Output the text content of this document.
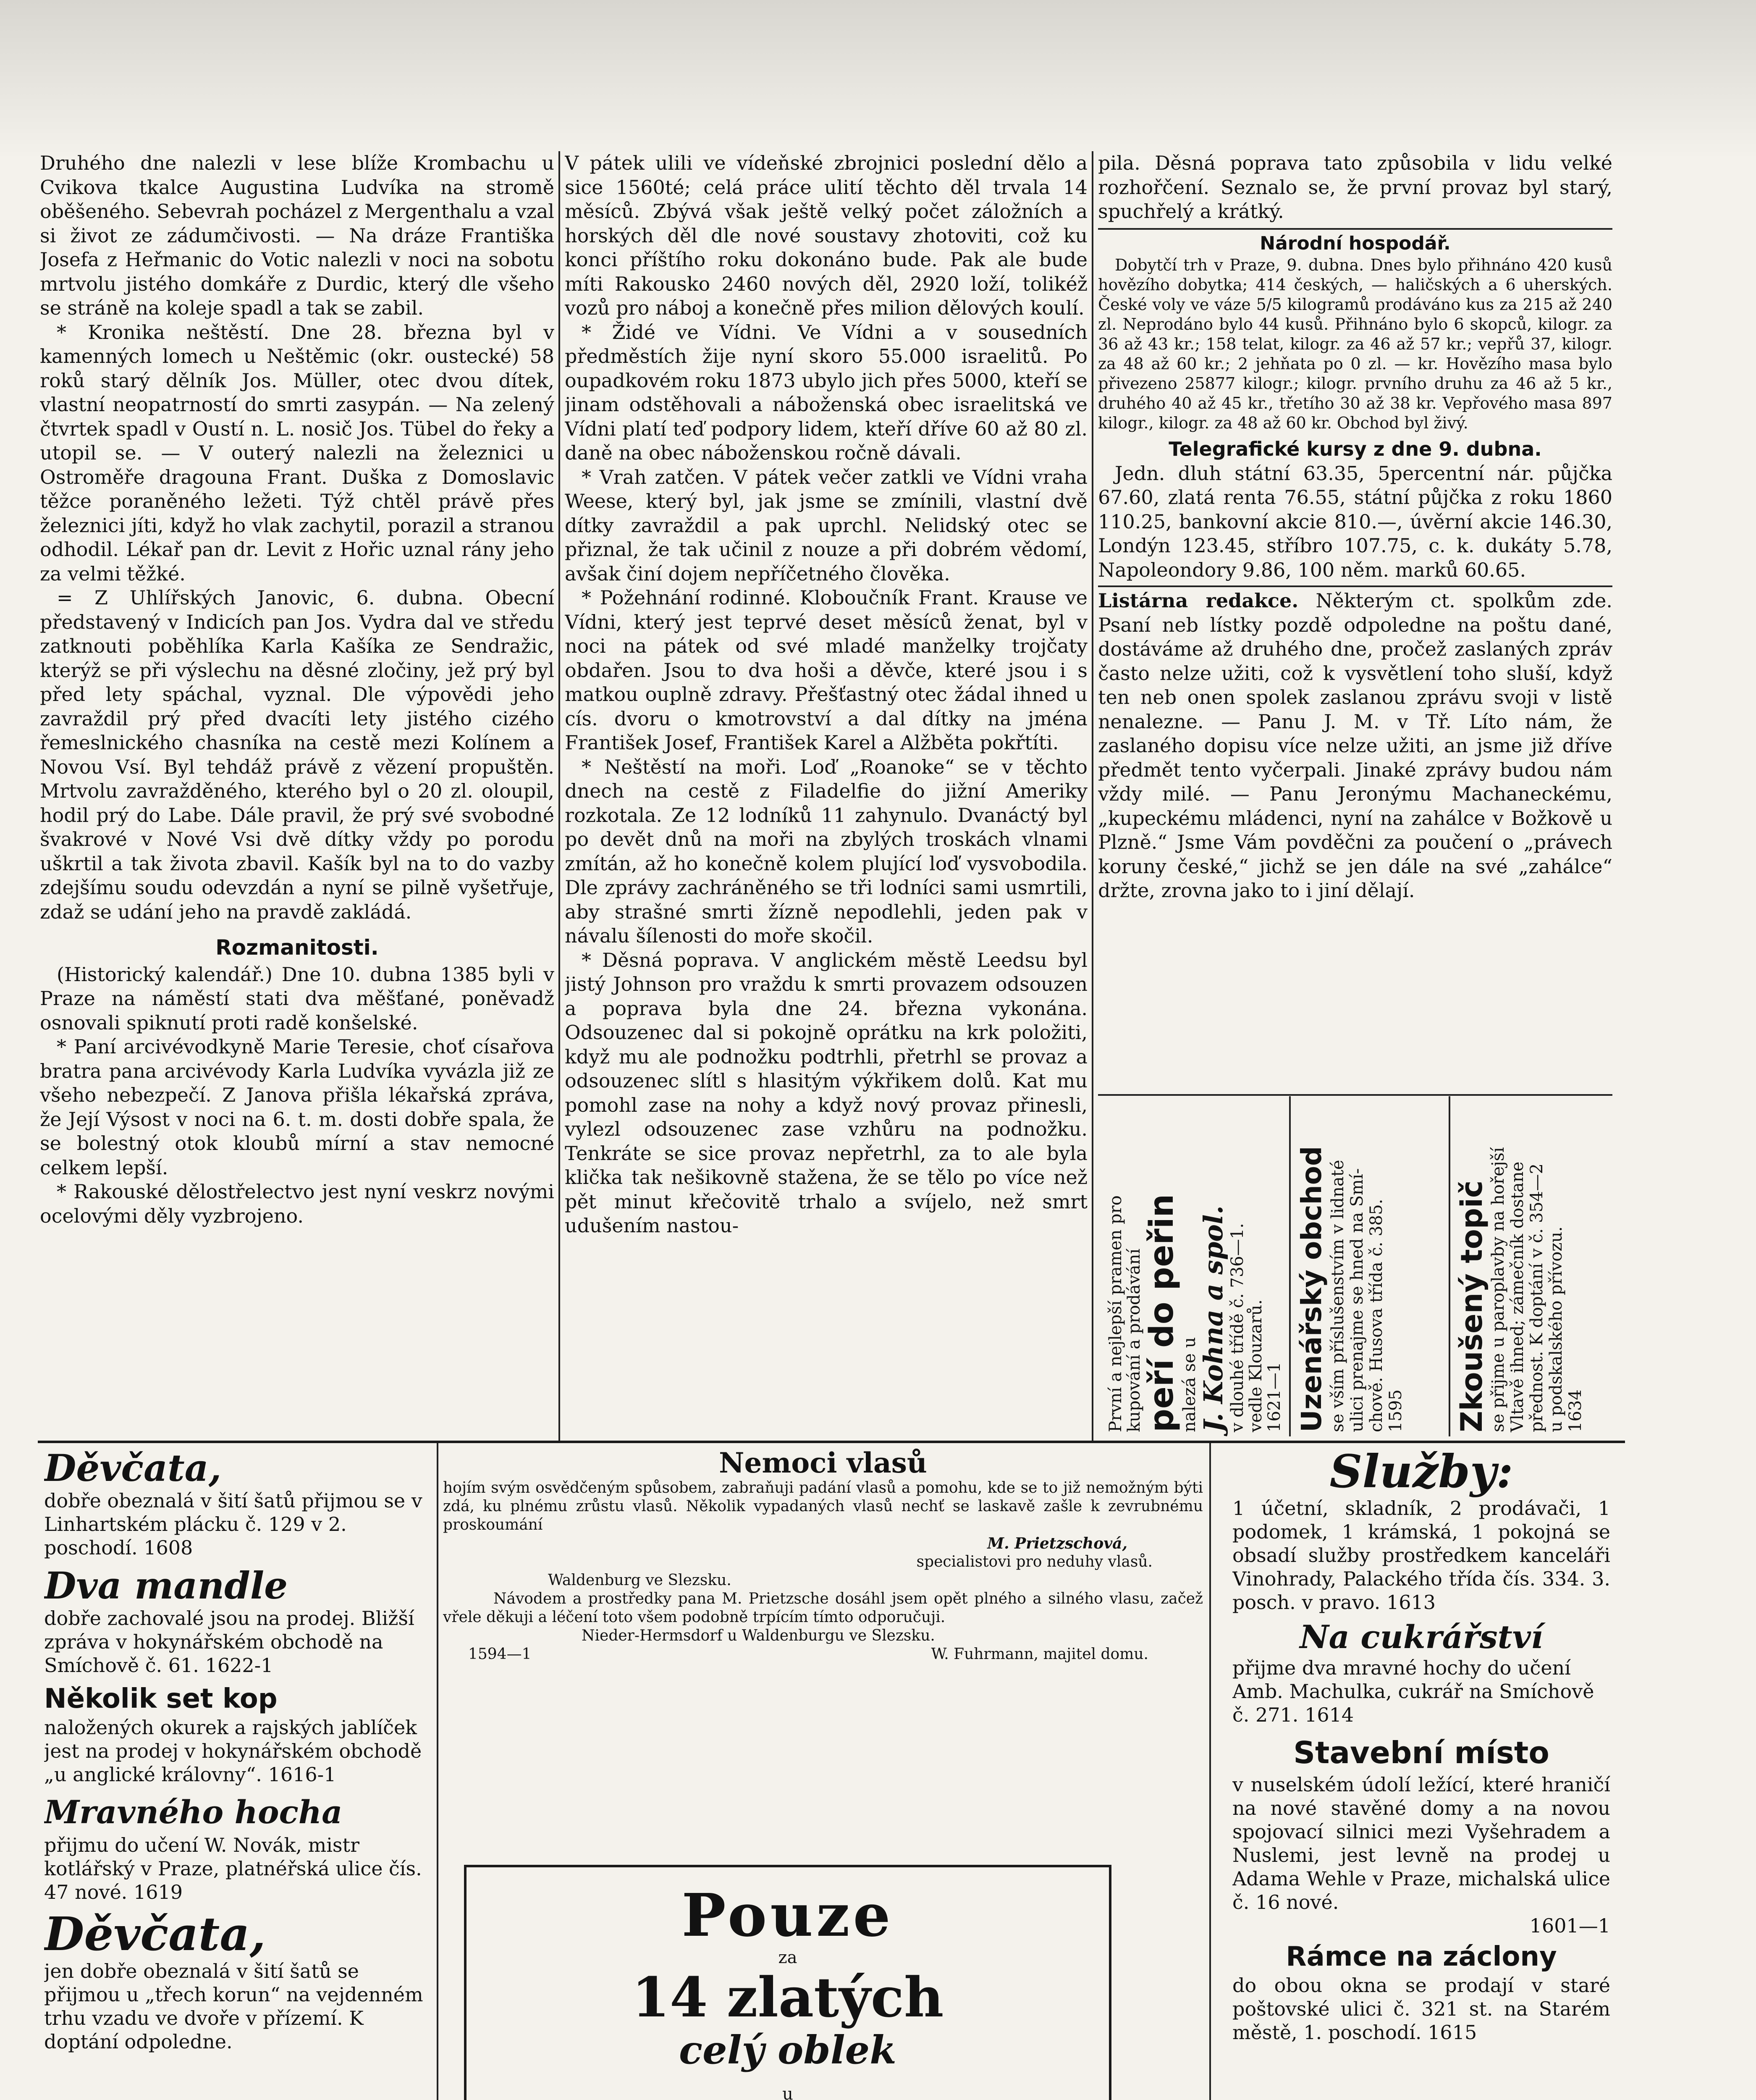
Druhého dne nalezli v lese blíže Krombachu u Cvikova tkalce Augustina Ludvíka na stromě oběšeného. Sebevrah pocházel z Mergenthalu a vzal si život ze zádumčivosti. — Na dráze Františka Josefa z Heřmanic do Votic nalezli v noci na sobotu mrtvolu jistého domkáře z Durdic, který dle všeho se stráně na koleje spadl a tak se zabil.

* Kronika neštěstí. Dne 28. března byl v kamenných lomech u Neštěmic (okr. oustecké) 58 roků starý dělník Jos. Müller, otec dvou dítek, vlastní neopatrností do smrti zasypán. — Na zelený čtvrtek spadl v Oustí n. L. nosič Jos. Tübel do řeky a utopil se. — V outerý nalezli na železnici u Ostroměře dragouna Frant. Duška z Domoslavic těžce poraněného ležeti. Týž chtěl právě přes železnici jíti, když ho vlak zachytil, porazil a stranou odhodil. Lékař pan dr. Levit z Hořic uznal rány jeho za velmi těžké.

= Z Uhlířských Janovic, 6. dubna. Obecní představený v Indicích pan Jos. Vydra dal ve středu zatknouti poběhlíka Karla Kašíka ze Sendražic, kterýž se při výslechu na děsné zločiny, jež prý byl před lety spáchal, vyznal. Dle výpovědi jeho zavraždil prý před dvacíti lety jistého cizého řemeslnického chasníka na cestě mezi Kolínem a Novou Vsí. Byl tehdáž právě z vězení propuštěn. Mrtvolu zavražděného, kterého byl o 20 zl. oloupil, hodil prý do Labe. Dále pravil, že prý své svobodné švakrové v Nové Vsi dvě dítky vždy po porodu uškrtil a tak života zbavil. Kašík byl na to do vazby zdejšímu soudu odevzdán a nyní se pilně vyšetřuje, zdaž se udání jeho na pravdě zakládá.

Rozmanitosti.

(Historický kalendář.) Dne 10. dubna 1385 byli v Praze na náměstí stati dva měšťané, poněvadž osnovali spiknutí proti radě konšelské.

* Paní arcivévodkyně Marie Teresie, choť císařova bratra pana arcivévody Karla Ludvíka vyvázla již ze všeho nebezpečí. Z Janova přišla lékařská zpráva, že Její Výsost v noci na 6. t. m. dosti dobře spala, že se bolestný otok kloubů mírní a stav nemocné celkem lepší.

* Rakouské dělostřelectvo jest nyní veskrz novými ocelovými děly vyzbrojeno.

V pátek ulili ve vídeňské zbrojnici poslední dělo a sice 1560té; celá práce ulití těchto děl trvala 14 měsíců. Zbývá však ještě velký počet záložních a horských děl dle nové soustavy zhotoviti, což ku konci příštího roku dokonáno bude. Pak ale bude míti Rakousko 2460 nových děl, 2920 loží, tolikéž vozů pro náboj a konečně přes milion dělových koulí.

* Židé ve Vídni. Ve Vídni a v sousedních předměstích žije nyní skoro 55.000 israelitů. Po oupadkovém roku 1873 ubylo jich přes 5000, kteří se jinam odstěhovali a náboženská obec israelitská ve Vídni platí teď podpory lidem, kteří dříve 60 až 80 zl. daně na obec náboženskou ročně dávali.

* Vrah zatčen. V pátek večer zatkli ve Vídni vraha Weese, který byl, jak jsme se zmínili, vlastní dvě dítky zavraždil a pak uprchl. Nelidský otec se přiznal, že tak učinil z nouze a při dobrém vědomí, avšak činí dojem nepříčetného člověka.

* Požehnání rodinné. Kloboučník Frant. Krause ve Vídni, který jest teprvé deset měsíců ženat, byl v noci na pátek od své mladé manželky trojčaty obdařen. Jsou to dva hoši a děvče, které jsou i s matkou ouplně zdravy. Přešťastný otec žádal ihned u cís. dvoru o kmotrovství a dal dítky na jména František Josef, František Karel a Alžběta pokřtíti.

* Neštěstí na moři. Loď „Roanoke“ se v těchto dnech na cestě z Filadelfie do jižní Ameriky rozkotala. Ze 12 lodníků 11 zahynulo. Dvanáctý byl po devět dnů na moři na zbylých troskách vlnami zmítán, až ho konečně kolem plující loď vysvobodila. Dle zprávy zachráněného se tři lodníci sami usmrtili, aby strašné smrti žízně nepodlehli, jeden pak v návalu šílenosti do moře skočil.

* Děsná poprava. V anglickém městě Leedsu byl jistý Johnson pro vraždu k smrti provazem odsouzen a poprava byla dne 24. března vykonána. Odsouzenec dal si pokojně oprátku na krk položiti, když mu ale podnožku podtrhli, přetrhl se provaz a odsouzenec slítl s hlasitým výkřikem dolů. Kat mu pomohl zase na nohy a když nový provaz přinesli, vylezl odsouzenec zase vzhůru na podnožku. Tenkráte se sice provaz nepřetrhl, za to ale byla klička tak nešikovně stažena, že se tělo po více než pět minut křečovitě trhalo a svíjelo, než smrt udušením nastou-

pila. Děsná poprava tato způsobila v lidu velké rozhořčení. Seznalo se, že první provaz byl starý, spuchřelý a krátký.

Národní hospodář.

Dobytčí trh v Praze, 9. dubna. Dnes bylo přihnáno 420 kusů hovězího dobytka; 414 českých, — haličských a 6 uherských. České voly ve váze 5/5 kilogramů prodáváno kus za 215 až 240 zl. Neprodáno bylo 44 kusů. Přihnáno bylo 6 skopců, kilogr. za 36 až 43 kr.; 158 telat, kilogr. za 46 až 57 kr.; vepřů 37, kilogr. za 48 až 60 kr.; 2 jehňata po 0 zl. — kr. Hovězího masa bylo přivezeno 25877 kilogr.; kilogr. prvního druhu za 46 až 5 kr., druhého 40 až 45 kr., třetího 30 až 38 kr. Vepřového masa 897 kilogr., kilogr. za 48 až 60 kr. Obchod byl živý.

Telegrafické kursy z dne 9. dubna.

Jedn. dluh státní 63.35, 5percentní nár. půjčka 67.60, zlatá renta 76.55, státní půjčka z roku 1860 110.25, bankovní akcie 810.—, úvěrní akcie 146.30, Londýn 123.45, stříbro 107.75, c. k. dukáty 5.78, Napoleondory 9.86, 100 něm. marků 60.65.

Listárna redakce. Některým ct. spolkům zde. Psaní neb lístky pozdě odpoledne na poštu dané, dostáváme až druhého dne, pročež zaslaných zpráv často nelze užiti, což k vysvětlení toho sluší, když ten neb onen spolek zaslanou zprávu svoji v listě nenalezne. — Panu J. M. v Tř. Líto nám, že zaslaného dopisu více nelze užiti, an jsme již dříve předmět tento vyčerpali. Jinaké zprávy budou nám vždy milé. — Panu Jeronýmu Machaneckému, „kupeckému mládenci, nyní na zahálce v Božkově u Plzně.“ Jsme Vám povděčni za poučení o „právech koruny české,“ jichž se jen dále na své „zahálce“ držte, zrovna jako to i jiní dělají.

První a nejlepší pramen pro
kupování a prodávání
peří do peřin
nalezá se u
J. Kohna a spol.
v dlouhé třídě č. 736—1.
vedle Klouzarů.
1621—1 Uzenářský obchod se vším příslušenstvím v lidnaté ulici prenajme se hned na Smí- chově. Husova třída č. 385. 1595 Zkoušený topič se přijme u paroplavby na hořejší Vltavě ihned; zámečník dostane přednost. K doptání v č. 354—2 u podskalského přívozu. 1634
Děvčata,
dobře obeznalá v šití šatů přijmou se v Linhartském plácku č. 129 v 2. poschodí. 1608
Dva mandle
dobře zachovalé jsou na prodej. Bližší zpráva v hokynářském obchodě na Smíchově č. 61. 1622-1
Několik set kop
naložených okurek a rajských jablíček jest na prodej v hokynářském obchodě „u anglické královny“. 1616-1
Mravného hocha
přijmu do učení W. Novák, mistr kotlářský v Praze, platnéřská ulice čís. 47 nové. 1619
Děvčata,
jen dobře obeznalá v šití šatů se přijmou u „třech korun“ na vejdenném trhu vzadu ve dvoře v přízemí. K doptání odpoledne.
Nemoci vlasů
hojím svým osvědčeným spůsobem, zabraňuji padání vlasů a pomohu, kde se to již nemožným býti zdá, ku plnému zrůstu vlasů. Několik vypadaných vlasů nechť se laskavě zašle k zevrubnému proskoumání
M. Prietzschová,
specialistovi pro neduhy vlasů.
Waldenburg ve Slezsku.
Návodem a prostředky pana M. Prietzsche dosáhl jsem opět plného a silného vlasu, začež vřele děkuji a léčení toto všem podobně trpícím tímto odporučuji.
Nieder-Hermsdorf u Waldenburgu ve Slezsku.
1594—1	W. Fuhrmann, majitel domu.
Pouze
za
14 zlatých
celý oblek
u
Služby:
1 účetní, skladník, 2 prodávači, 1 podomek, 1 krámská, 1 pokojná se obsadí služby prostředkem kanceláři Vinohrady, Palackého třída čís. 334. 3. posch. v pravo. 1613
Na cukrářství
přijme dva mravné hochy do učení Amb. Machulka, cukrář na Smíchově č. 271. 1614
Stavební místo
v nuselském údolí ležící, které hraničí na nové stavěné domy a na novou spojovací silnici mezi Vyšehradem a Nuslemi, jest levně na prodej u Adama Wehle v Praze, michalská ulice č. 16 nové.
1601—1
Rámce na záclony
do obou okna se prodají v staré poštovské ulici č. 321 st. na Starém městě, 1. poschodí. 1615
